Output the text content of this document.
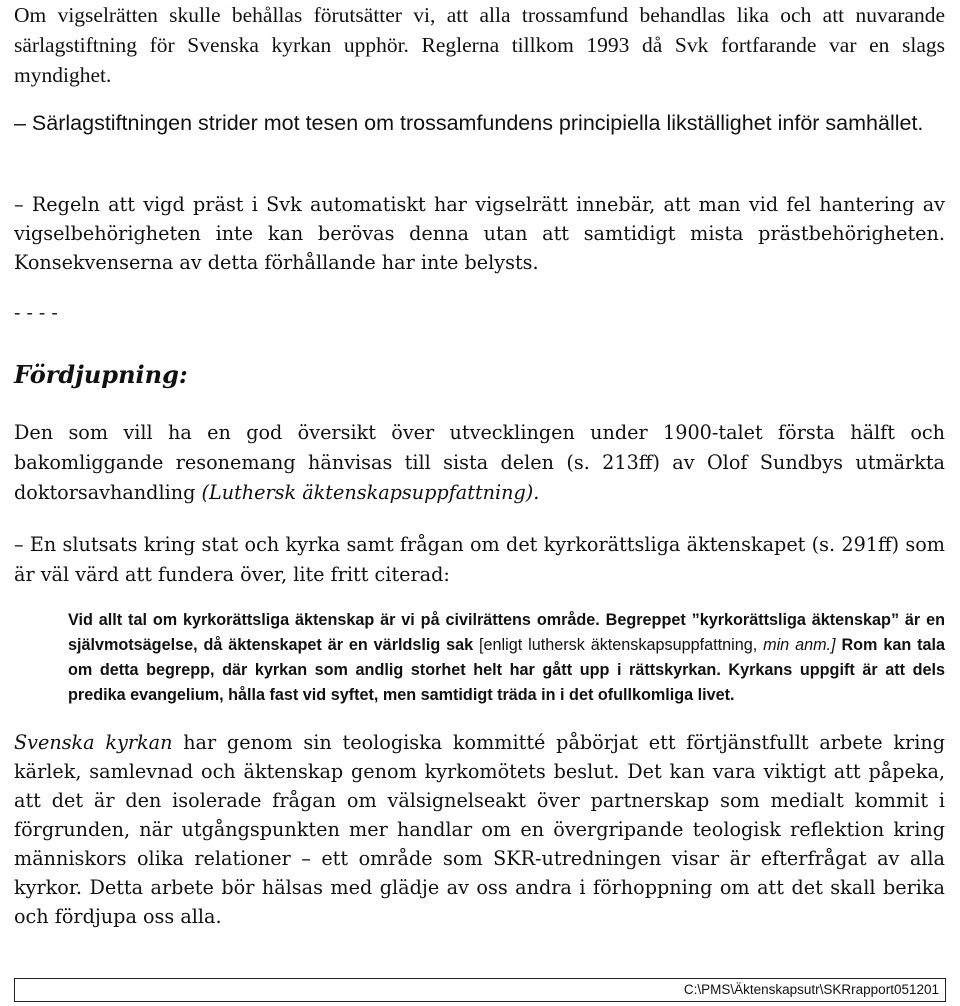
Om vigselrätten skulle behållas förutsätter vi, att alla trossamfund behandlas lika och att nuvarande särlagstiftning för Svenska kyrkan upphör. Reglerna tillkom 1993 då Svk fortfarande var en slags myndighet.

– Särlagstiftningen strider mot tesen om trossamfundens principiella likställighet inför samhället.

– Regeln att vigd präst i Svk automatiskt har vigselrätt innebär, att man vid fel hantering av vigselbehörigheten inte kan berövas denna utan att samtidigt mista prästbehörigheten. Konsekvenserna av detta förhållande har inte belysts.

- - - -
Fördjupning:

Den som vill ha en god översikt över utvecklingen under 1900-talet första hälft och bakomliggande resonemang hänvisas till sista delen (s. 213ff) av Olof Sundbys utmärkta doktorsavhandling (Luthersk äktenskapsuppfattning).

– En slutsats kring stat och kyrka samt frågan om det kyrkorättsliga äktenskapet (s. 291ff) som är väl värd att fundera över, lite fritt citerad:

Vid allt tal om kyrkorättsliga äktenskap är vi på civilrättens område. Begreppet ”kyrkorättsliga äktenskap” är en självmotsägelse, då äktenskapet är en världslig sak [enligt luthersk äktenskapsuppfattning, min anm.] Rom kan tala om detta begrepp, där kyrkan som andlig storhet helt har gått upp i rättskyrkan. Kyrkans uppgift är att dels predika evangelium, hålla fast vid syftet, men samtidigt träda in i det ofullkomliga livet.

Svenska kyrkan har genom sin teologiska kommitté påbörjat ett förtjänstfullt arbete kring kärlek, samlevnad och äktenskap genom kyrkomötets beslut. Det kan vara viktigt att påpeka, att det är den isolerade frågan om välsignelseakt över partnerskap som medialt kommit i förgrunden, när utgångspunkten mer handlar om en övergripande teologisk reflektion kring människors olika relationer – ett område som SKR-utredningen visar är efterfrågat av alla kyrkor. Detta arbete bör hälsas med glädje av oss andra i förhoppning om att det skall berika och fördjupa oss alla.

C:\PMS\Äktenskapsutr\SKRrapport051201
